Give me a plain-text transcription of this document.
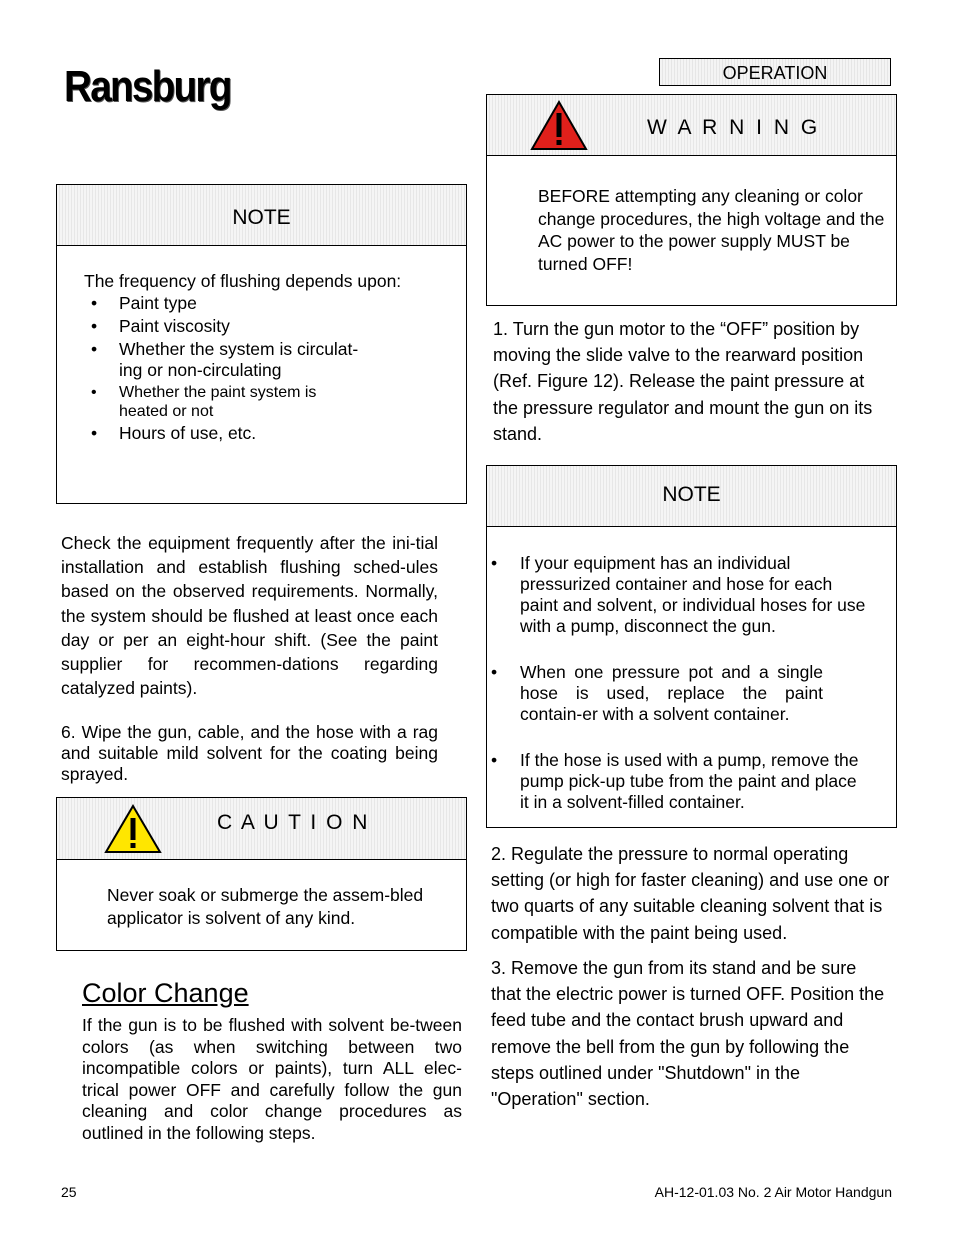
Ransburg	OPERATION
NOTE
The frequency of flushing depends upon:
• Paint type
• Paint viscosity
• Whether the system is circulat-ing or non-circulating
• Whether the paint system is heated or not
• Hours of use, etc.
Check the equipment frequently after the ini-tial installation and establish flushing sched-ules based on the observed requirements. Normally, the system should be flushed at least once each day or per an eight-hour shift. (See the paint supplier for recommen-dations regarding catalyzed paints).
6. Wipe the gun, cable, and the hose with a rag and suitable mild solvent for the coating being sprayed.
C A U T I O N
Never soak or submerge the assem-bled applicator is solvent of any kind.
Color Change
If the gun is to be flushed with solvent be-tween colors (as when switching between two incompatible colors or paints), turn ALL elec-trical power OFF and carefully follow the gun cleaning and color change procedures as outlined in the following steps.
W A R N I N G
BEFORE attempting any cleaning or color change procedures, the high voltage and the AC power to the power supply MUST be turned OFF!
1. Turn the gun motor to the “OFF” position by moving the slide valve to the rearward position (Ref. Figure 12). Release the paint pressure at the pressure regulator and mount the gun on its stand.
NOTE
• If your equipment has an individual pressurized container and hose for each paint and solvent, or individual hoses for use with a pump, disconnect the gun.
• When one pressure pot and a single hose is used, replace the paint contain-er with a solvent container.
• If the hose is used with a pump, remove the pump pick-up tube from the paint and place it in a solvent-filled container.
2. Regulate the pressure to normal operating setting (or high for faster cleaning) and use one or two quarts of any suitable cleaning solvent that is compatible with the paint being used.
3. Remove the gun from its stand and be sure that the electric power is turned OFF. Position the feed tube and the contact brush upward and remove the bell from the gun by following the steps outlined under "Shutdown" in the "Operation" section.
25	AH-12-01.03 No. 2 Air Motor Handgun
